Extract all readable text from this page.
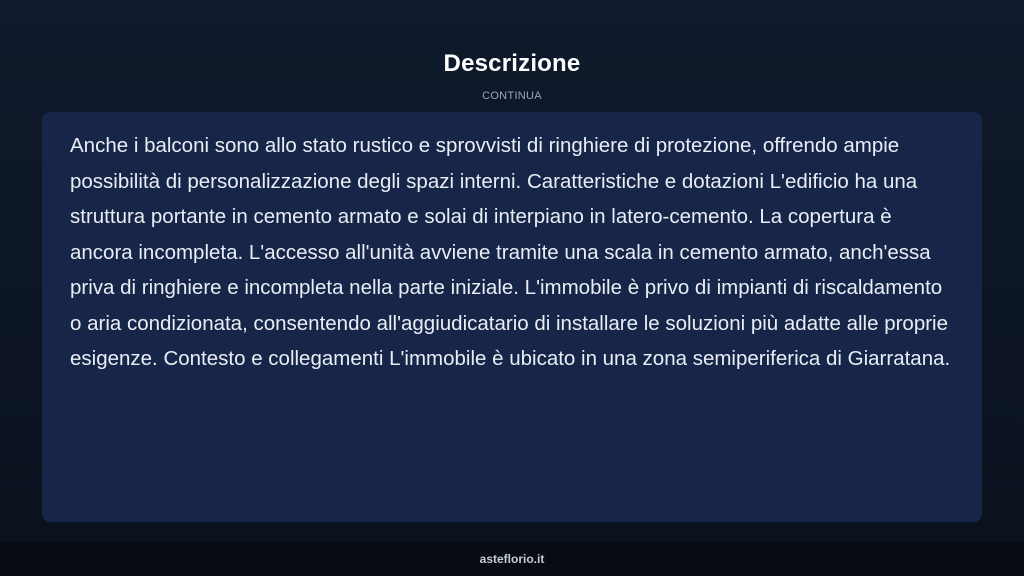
Descrizione
CONTINUA

Anche i balconi sono allo stato rustico e sprovvisti di ringhiere di protezione, offrendo ampie possibilità di personalizzazione degli spazi interni. Caratteristiche e dotazioni L'edificio ha una struttura portante in cemento armato e solai di interpiano in latero-cemento. La copertura è ancora incompleta. L'accesso all'unità avviene tramite una scala in cemento armato, anch'essa priva di ringhiere e incompleta nella parte iniziale. L'immobile è privo di impianti di riscaldamento o aria condizionata, consentendo all'aggiudicatario di installare le soluzioni più adatte alle proprie esigenze. Contesto e collegamenti L'immobile è ubicato in una zona semiperiferica di Giarratana.

asteflorio.it
